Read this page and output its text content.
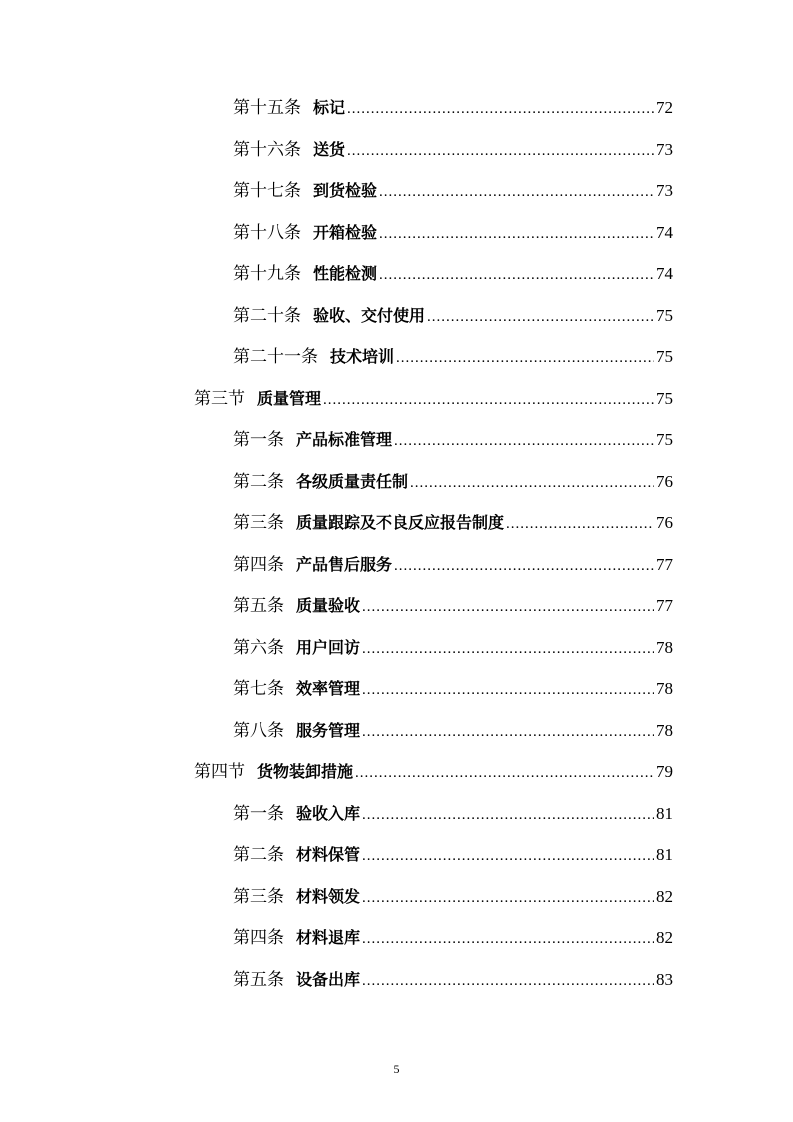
第十五条 标记 .....	72
第十六条 送货 .....	73
第十七条 到货检验 .....	73
第十八条 开箱检验 .....	74
第十九条 性能检测 .....	74
第二十条 验收、交付使用 .....	75
第二十一条 技术培训 .....	75
第三节 质量管理 .....	75
第一条 产品标准管理 .....	75
第二条 各级质量责任制 .....	76
第三条 质量跟踪及不良反应报告制度 .....	76
第四条 产品售后服务 .....	77
第五条 质量验收 .....	77
第六条 用户回访 .....	78
第七条 效率管理 .....	78
第八条 服务管理 .....	78
第四节 货物装卸措施 .....	79
第一条 验收入库 .....	81
第二条 材料保管 .....	81
第三条 材料领发 .....	82
第四条 材料退库 .....	82
第五条 设备出库 .....	83
5
